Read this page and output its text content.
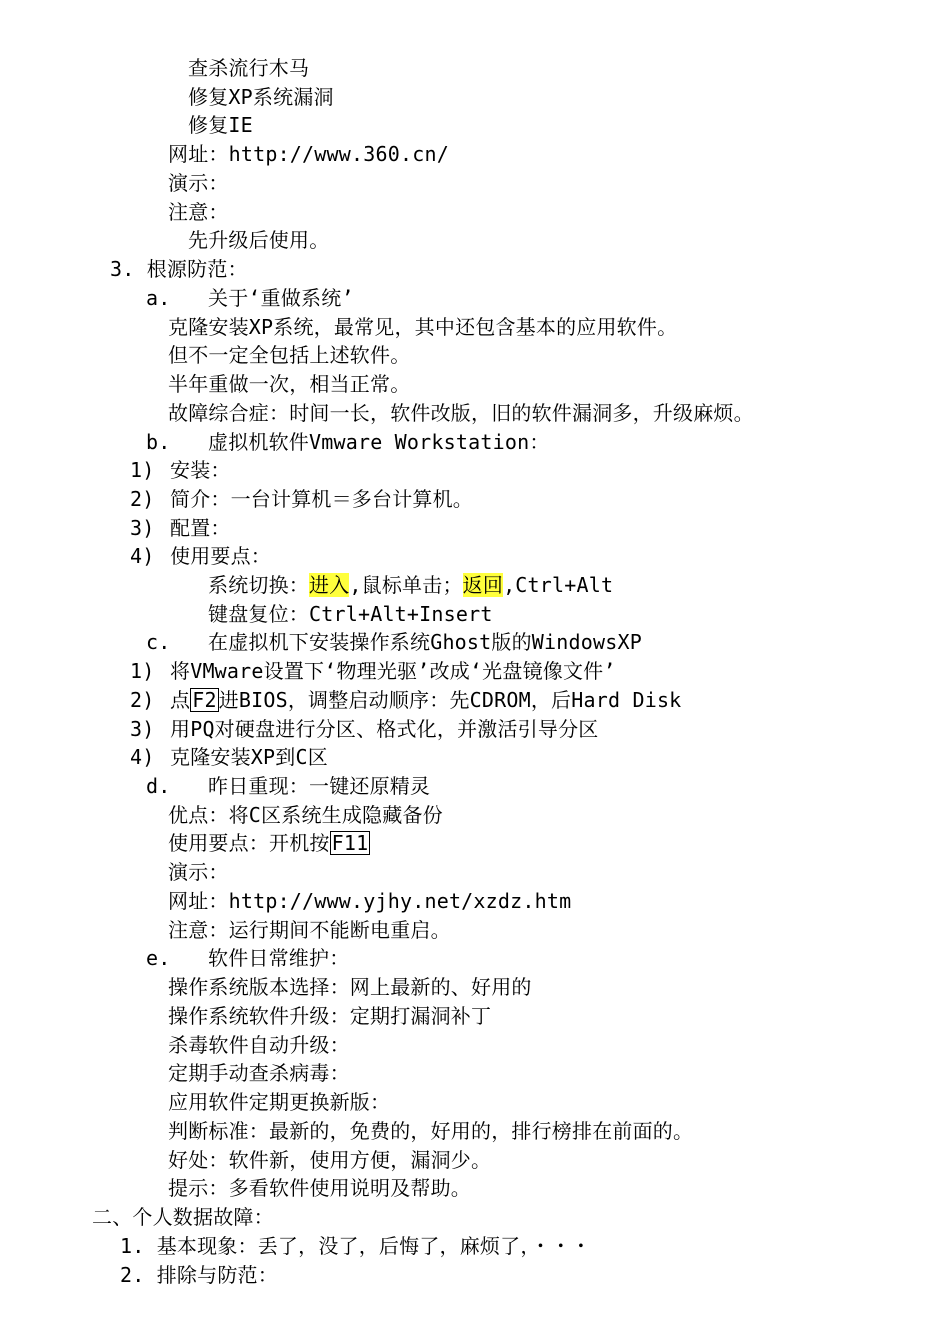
查杀流行木马
修复XP系统漏洞
修复IE
网址：http://www.360.cn/
演示：
注意：
先升级后使用。
3. 根源防范：
a. 关于‘重做系统’
克隆安装XP系统，最常见，其中还包含基本的应用软件。
但不一定全包括上述软件。
半年重做一次，相当正常。
故障综合症：时间一长，软件改版，旧的软件漏洞多，升级麻烦。
b. 虚拟机软件Vmware Workstation：
1) 安装：
2) 简介：一台计算机＝多台计算机。
3) 配置：
4) 使用要点：
系统切换：进入,鼠标单击；返回,Ctrl+Alt
键盘复位：Ctrl+Alt+Insert
c. 在虚拟机下安装操作系统Ghost版的WindowsXP
1) 将VMware设置下‘物理光驱’改成‘光盘镜像文件’
2) 点 F2 进BIOS，调整启动顺序：先CDROM，后Hard Disk
3) 用PQ对硬盘进行分区、格式化，并激活引导分区
4) 克隆安装XP到C区
d. 昨日重现：一键还原精灵
优点：将C区系统生成隐藏备份
使用要点：开机按 F11
演示：
网址：http://www.yjhy.net/xzdz.htm
注意：运行期间不能断电重启。
e. 软件日常维护：
操作系统版本选择：网上最新的、好用的
操作系统软件升级：定期打漏洞补丁
杀毒软件自动升级：
定期手动查杀病毒：
应用软件定期更换新版：
判断标准：最新的，免费的，好用的，排行榜排在前面的。
好处：软件新，使用方便，漏洞少。
提示：多看软件使用说明及帮助。
二、个人数据故障：
1. 基本现象：丢了，没了，后悔了，麻烦了，・・・
2. 排除与防范：
